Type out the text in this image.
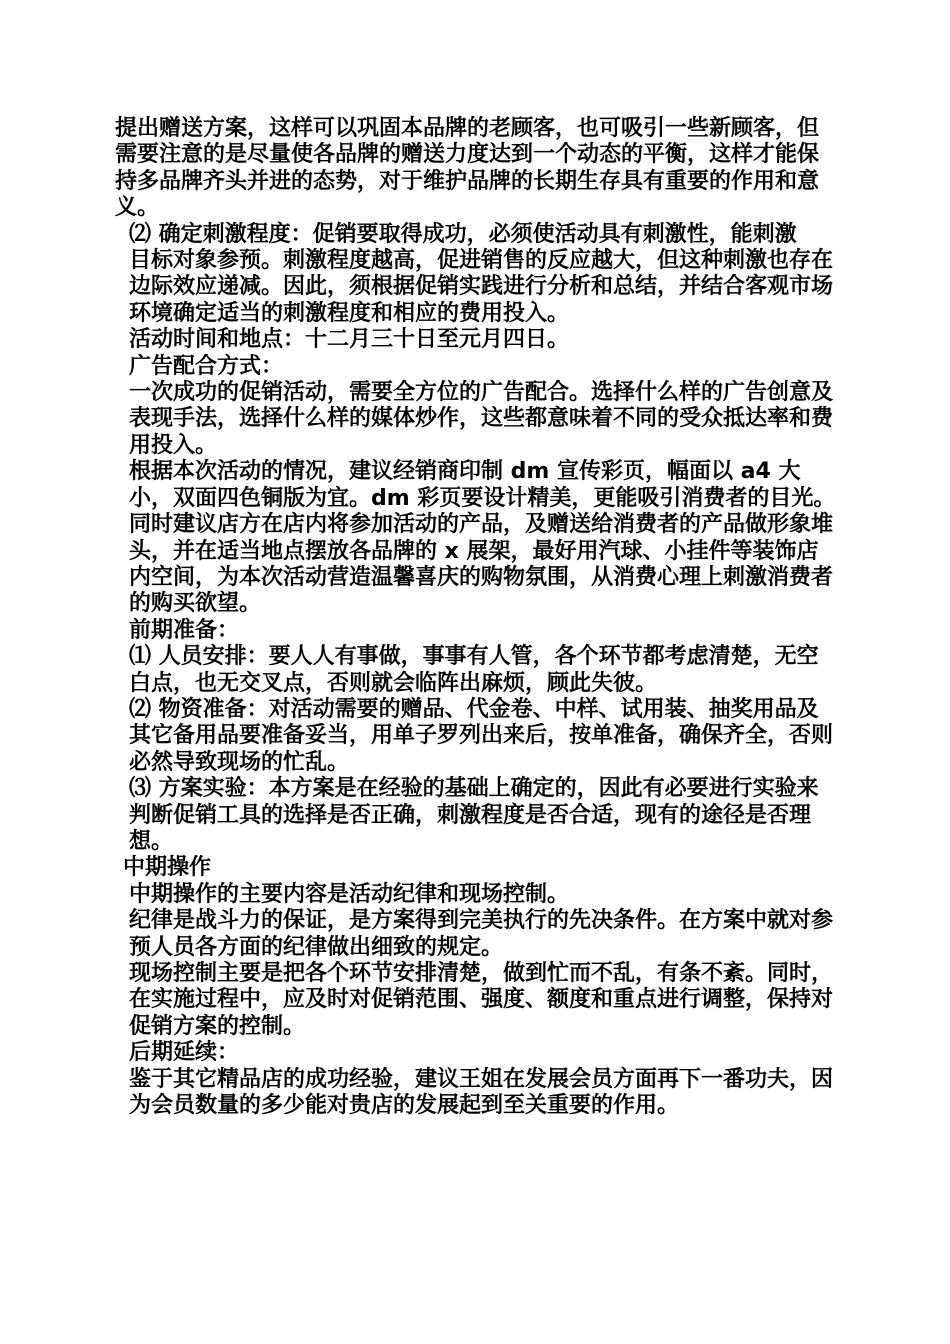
提出赠送方案，这样可以巩固本品牌的老顾客，也可吸引一些新顾客，但需要注意的是尽量使各品牌的赠送力度达到一个动态的平衡，这样才能保持多品牌齐头并进的态势，对于维护品牌的长期生存具有重要的作用和意义。

⑵ 确定刺激程度：促销要取得成功，必须使活动具有刺激性，能刺激

目标对象参预。刺激程度越高，促进销售的反应越大，但这种刺激也存在边际效应递减。因此，须根据促销实践进行分析和总结，并结合客观市场环境确定适当的刺激程度和相应的费用投入。

活动时间和地点：十二月三十日至元月四日。

广告配合方式：

一次成功的促销活动，需要全方位的广告配合。选择什么样的广告创意及表现手法，选择什么样的媒体炒作，这些都意味着不同的受众抵达率和费用投入。

根据本次活动的情况，建议经销商印制 dm 宣传彩页，幅面以 a4 大小，双面四色铜版为宜。dm 彩页要设计精美，更能吸引消费者的目光。

同时建议店方在店内将参加活动的产品，及赠送给消费者的产品做形象堆头，并在适当地点摆放各品牌的 x 展架，最好用汽球、小挂件等装饰店内空间，为本次活动营造温馨喜庆的购物氛围，从消费心理上刺激消费者的购买欲望。

前期准备：

⑴ 人员安排：要人人有事做，事事有人管，各个环节都考虑清楚，无空白点，也无交叉点，否则就会临阵出麻烦，顾此失彼。

⑵ 物资准备：对活动需要的赠品、代金卷、中样、试用装、抽奖用品及其它备用品要准备妥当，用单子罗列出来后，按单准备，确保齐全，否则必然导致现场的忙乱。

⑶ 方案实验：本方案是在经验的基础上确定的，因此有必要进行实验来判断促销工具的选择是否正确，刺激程度是否合适，现有的途径是否理想。

中期操作

中期操作的主要内容是活动纪律和现场控制。

纪律是战斗力的保证，是方案得到完美执行的先决条件。在方案中就对参预人员各方面的纪律做出细致的规定。

现场控制主要是把各个环节安排清楚，做到忙而不乱，有条不紊。同时，在实施过程中，应及时对促销范围、强度、额度和重点进行调整，保持对促销方案的控制。

后期延续：

鉴于其它精品店的成功经验，建议王姐在发展会员方面再下一番功夫，因为会员数量的多少能对贵店的发展起到至关重要的作用。
